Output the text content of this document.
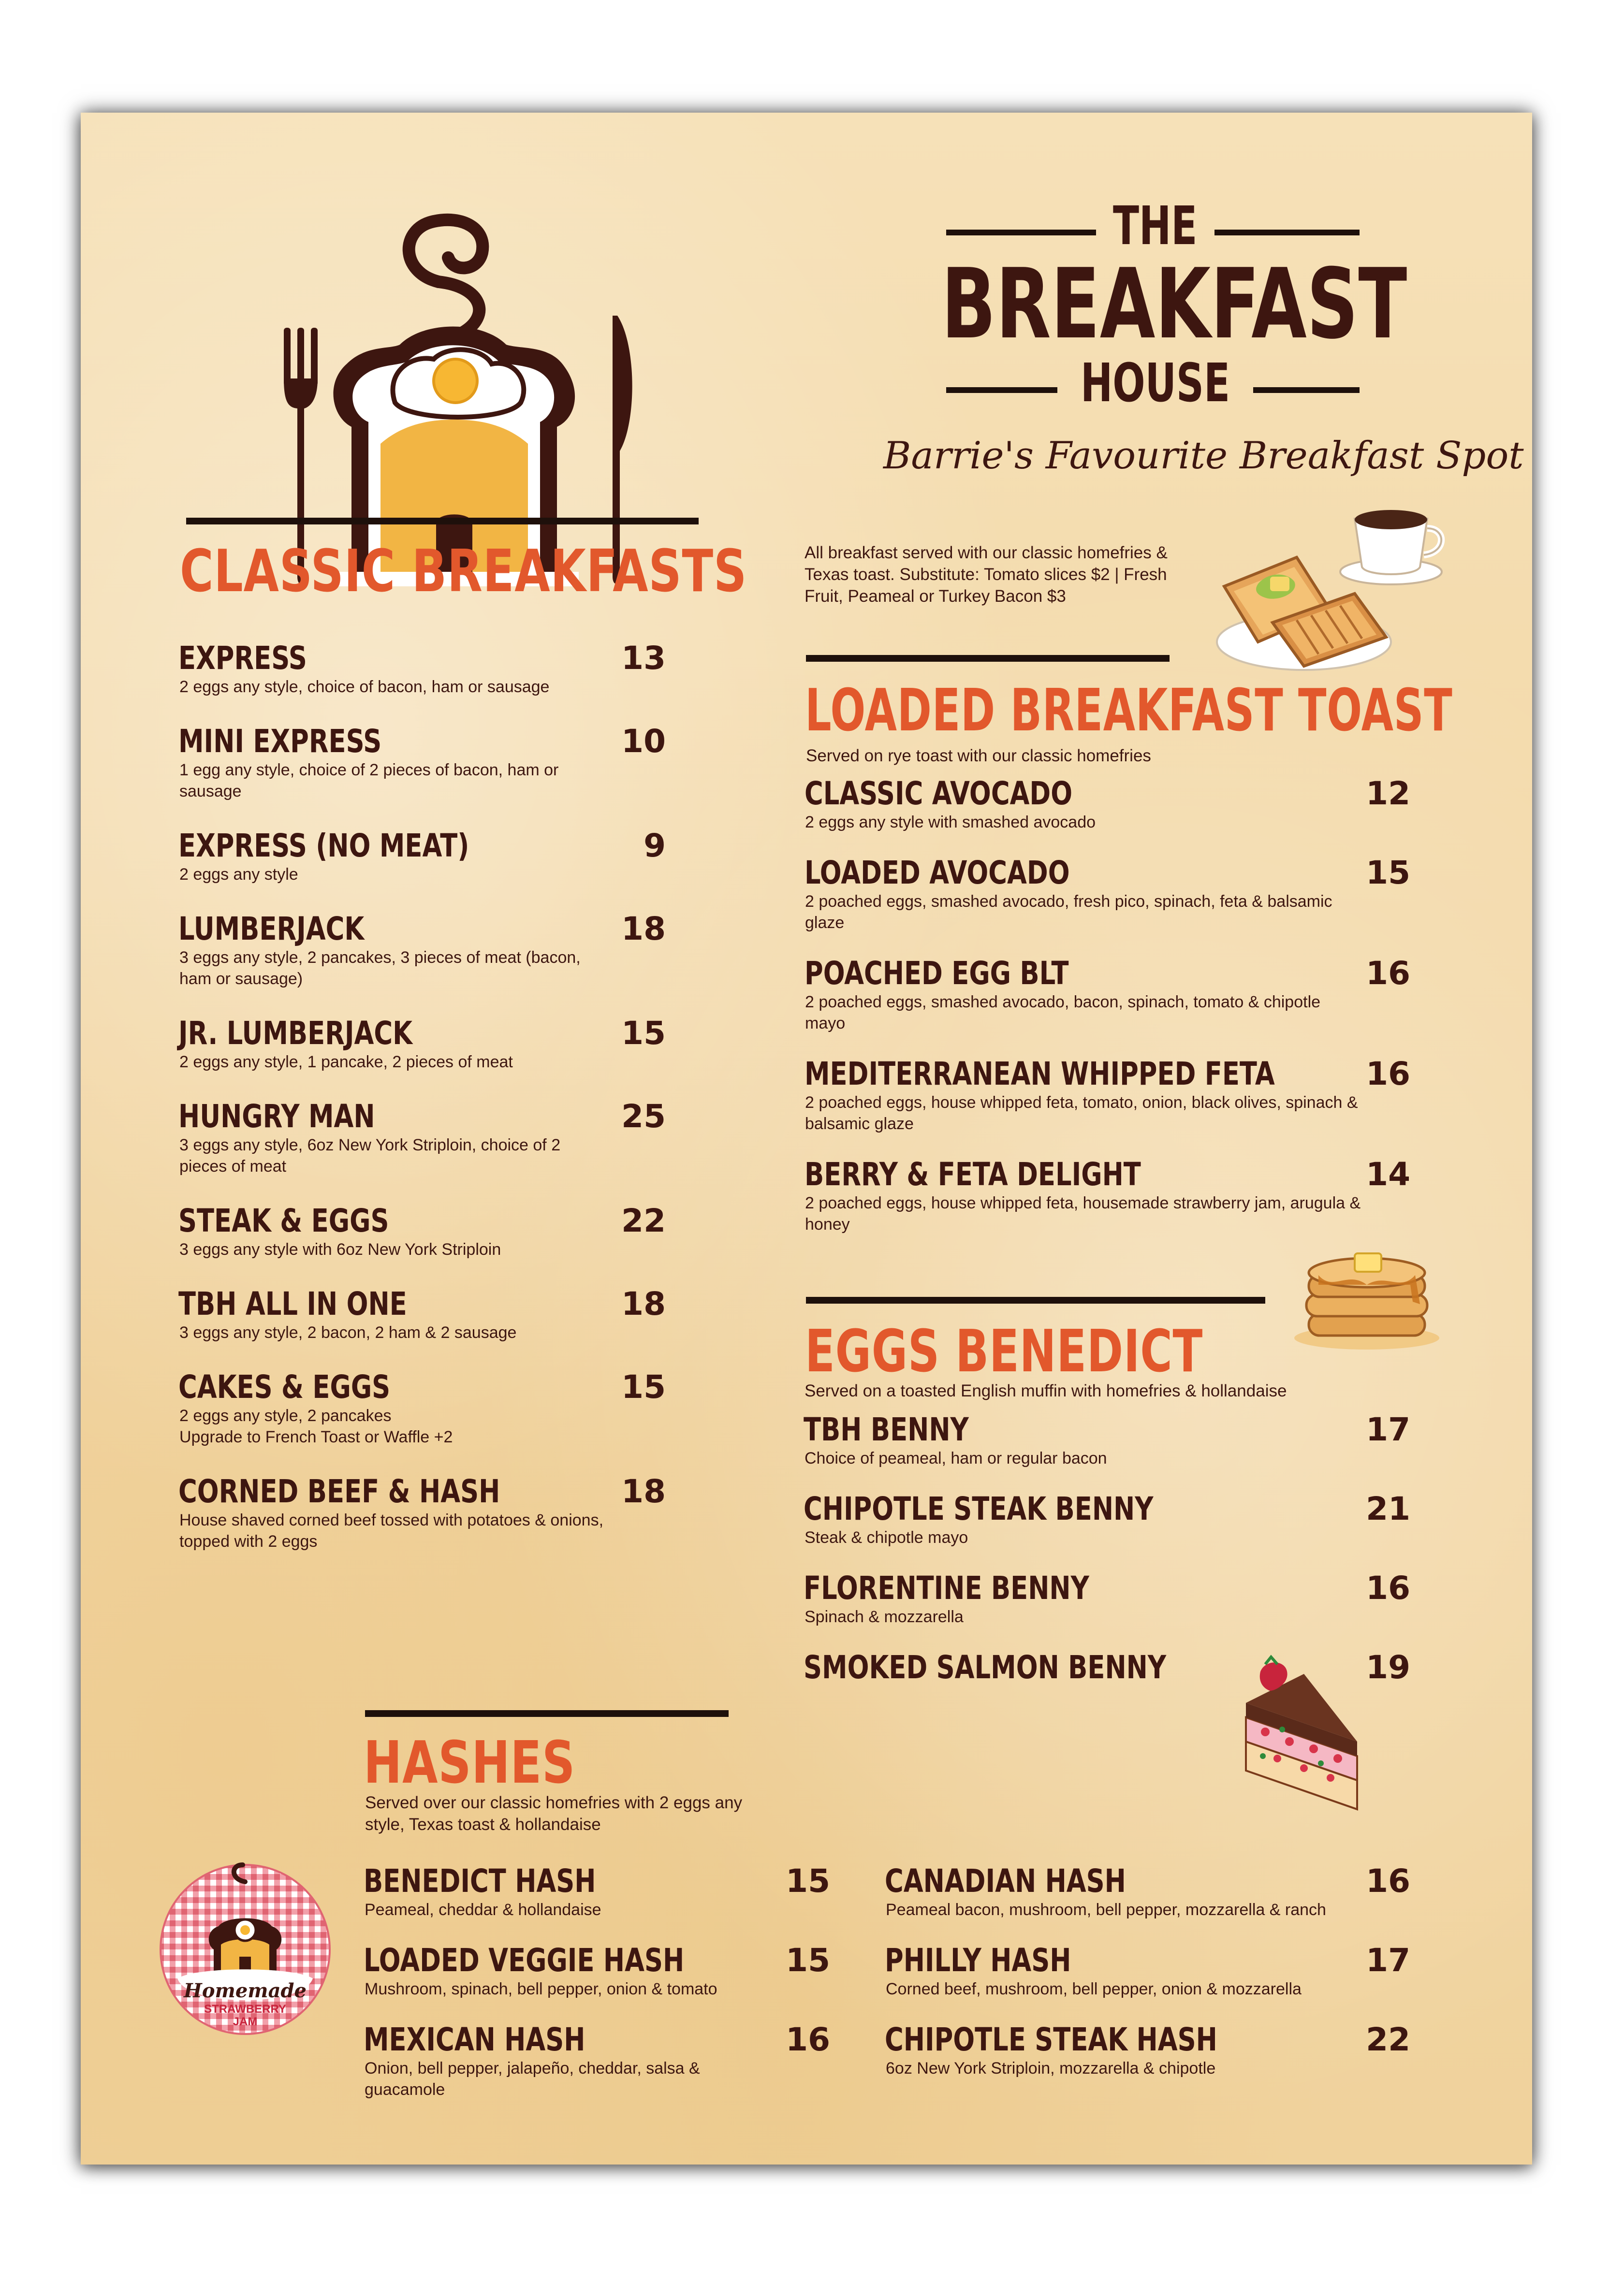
THE
BREAKFAST
HOUSE
Barrie's Favourite Breakfast Spot
All breakfast served with our classic homefries & Texas toast. Substitute: Tomato slices $2 | Fresh Fruit, Peameal or Turkey Bacon $3
CLASSIC BREAKFASTS
EXPRESS	13
2 eggs any style, choice of bacon, ham or sausage
MINI EXPRESS	10
1 egg any style, choice of 2 pieces of bacon, ham or sausage
EXPRESS (NO MEAT)	9
2 eggs any style
LUMBERJACK	18
3 eggs any style, 2 pancakes, 3 pieces of meat (bacon, ham or sausage)
JR. LUMBERJACK	15
2 eggs any style, 1 pancake, 2 pieces of meat
HUNGRY MAN	25
3 eggs any style, 6oz New York Striploin, choice of 2 pieces of meat
STEAK & EGGS	22
3 eggs any style with 6oz New York Striploin
TBH ALL IN ONE	18
3 eggs any style, 2 bacon, 2 ham & 2 sausage
CAKES & EGGS	15
2 eggs any style, 2 pancakes
Upgrade to French Toast or Waffle +2
CORNED BEEF & HASH	18
House shaved corned beef tossed with potatoes & onions, topped with 2 eggs
LOADED BREAKFAST TOAST
Served on rye toast with our classic homefries
CLASSIC AVOCADO	12
2 eggs any style with smashed avocado
LOADED AVOCADO	15
2 poached eggs, smashed avocado, fresh pico, spinach, feta & balsamic glaze
POACHED EGG BLT	16
2 poached eggs, smashed avocado, bacon, spinach, tomato & chipotle mayo
MEDITERRANEAN WHIPPED FETA	16
2 poached eggs, house whipped feta, tomato, onion, black olives, spinach & balsamic glaze
BERRY & FETA DELIGHT	14
2 poached eggs, house whipped feta, housemade strawberry jam, arugula & honey
EGGS BENEDICT
Served on a toasted English muffin with homefries & hollandaise
TBH BENNY	17
Choice of peameal, ham or regular bacon
CHIPOTLE STEAK BENNY	21
Steak & chipotle mayo
FLORENTINE BENNY	16
Spinach & mozzarella
SMOKED SALMON BENNY	19
HASHES
Served over our classic homefries with 2 eggs any style, Texas toast & hollandaise
Homemade
STRAWBERRY
JAM
BENEDICT HASH	15
Peameal, cheddar & hollandaise
LOADED VEGGIE HASH	15
Mushroom, spinach, bell pepper, onion & tomato
MEXICAN HASH	16
Onion, bell pepper, jalapeño, cheddar, salsa & guacamole
CANADIAN HASH	16
Peameal bacon, mushroom, bell pepper, mozzarella & ranch
PHILLY HASH	17
Corned beef, mushroom, bell pepper, onion & mozzarella
CHIPOTLE STEAK HASH	22
6oz New York Striploin, mozzarella & chipotle
